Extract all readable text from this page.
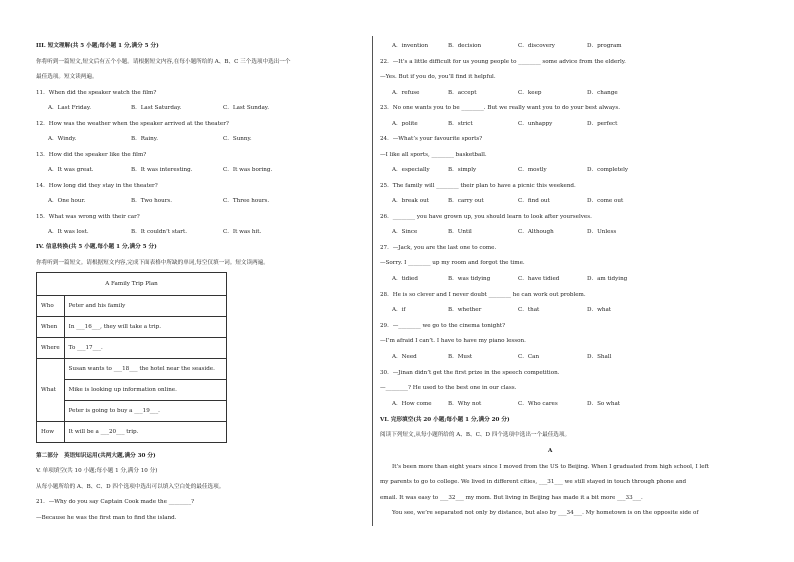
III. 短文理解(共 5 小题;每小题 1 分,满分 5 分)
你将听到一篇短文,短文后有五个小题。请根据短文内容,在每小题所给的 A、B、C 三个选项中选出一个
最佳选项。短文读两遍。
11．When did the speaker watch the film?
A．Last Friday.	B．Last Saturday.	C．Last Sunday.
12．How was the weather when the speaker arrived at the theater?
A．Windy.	B．Rainy.	C．Sunny.
13．How did the speaker like the film?
A．It was great.	B．It was interesting.	C．It was boring.
14．How long did they stay in the theater?
A．One hour.	B．Two hours.	C．Three hours.
15．What was wrong with their car?
A．It was lost.	B．It couldn’t start.	C．It was hit.
IV. 信息转换(共 5 小题,每小题 1 分,满分 5 分)
你将听到一篇短文。请根据短文内容,完成下面表格中所缺的单词,每空仅填一词。短文读两遍。
A Family Trip Plan	
Who	Peter and his family
When	In ___16___, they will take a trip.
Where	To ___17___.
What	Susan wants to ___18___ the hotel near the seaside.
	Mike is looking up information online.
	Peter is going to buy a ___19___.
How	It will be a ___20___ trip.
第二部分　英语知识运用(共两大题,满分 30 分)
V. 单项填空(共 10 小题;每小题 1 分,满分 10 分)
从每小题所给的 A、B、C、D 四个选项中选出可以填入空白处的最佳选项。
21．—Why do you say Captain Cook made the ________?
—Because he was the first man to find the island.
A．invention	B．decision	C．discovery	D．program
22．—It’s a little difficult for us young people to ________ some advice from the elderly.
—Yes. But if you do, you’ll find it helpful.
A．refuse	B．accept	C．keep	D．change
23．No one wants you to be ________. But we really want you to do your best always.
A．polite	B．strict	C．unhappy	D．perfect
24．—What’s your favourite sports?
—I like all sports, ________ basketball.
A．especially	B．simply	C．mostly	D．completely
25．The family will ________ their plan to have a picnic this weekend.
A．break out	B．carry out	C．find out	D．come out
26．________ you have grown up, you should learn to look after yourselves.
A．Since	B．Until	C．Although	D．Unless
27．—Jack, you are the last one to come.
—Sorry. I ________ up my room and forgot the time.
A．tidied	B．was tidying	C．have tidied	D．am tidying
28．He is so clever and I never doubt ________ he can work out problem.
A．if	B．whether	C．that	D．what
29．—________ we go to the cinema tonight?
—I’m afraid I can’t. I have to have my piano lesson.
A．Need	B．Must	C．Can	D．Shall
30．—Jinan didn’t get the first prize in the speech competition.
—________? He used to the best one in our class.
A．How come	B．Why not	C．Who cares	D．So what
VI. 完形填空(共 20 小题;每小题 1 分,满分 20 分)
阅读下列短文,从每小题所给的 A、B、C、D 四个选项中选出一个最佳选项。
A
It’s been more than eight years since I moved from the US to Beijing. When I graduated from high school, I left
my parents to go to college. We lived in different cities, ___31___ we still stayed in touch through phone and
email. It was easy to ___32___ my mom. But living in Beijing has made it a bit more ___33___.
You see, we’re separated not only by distance, but also by ___34___. My hometown is on the opposite side of
